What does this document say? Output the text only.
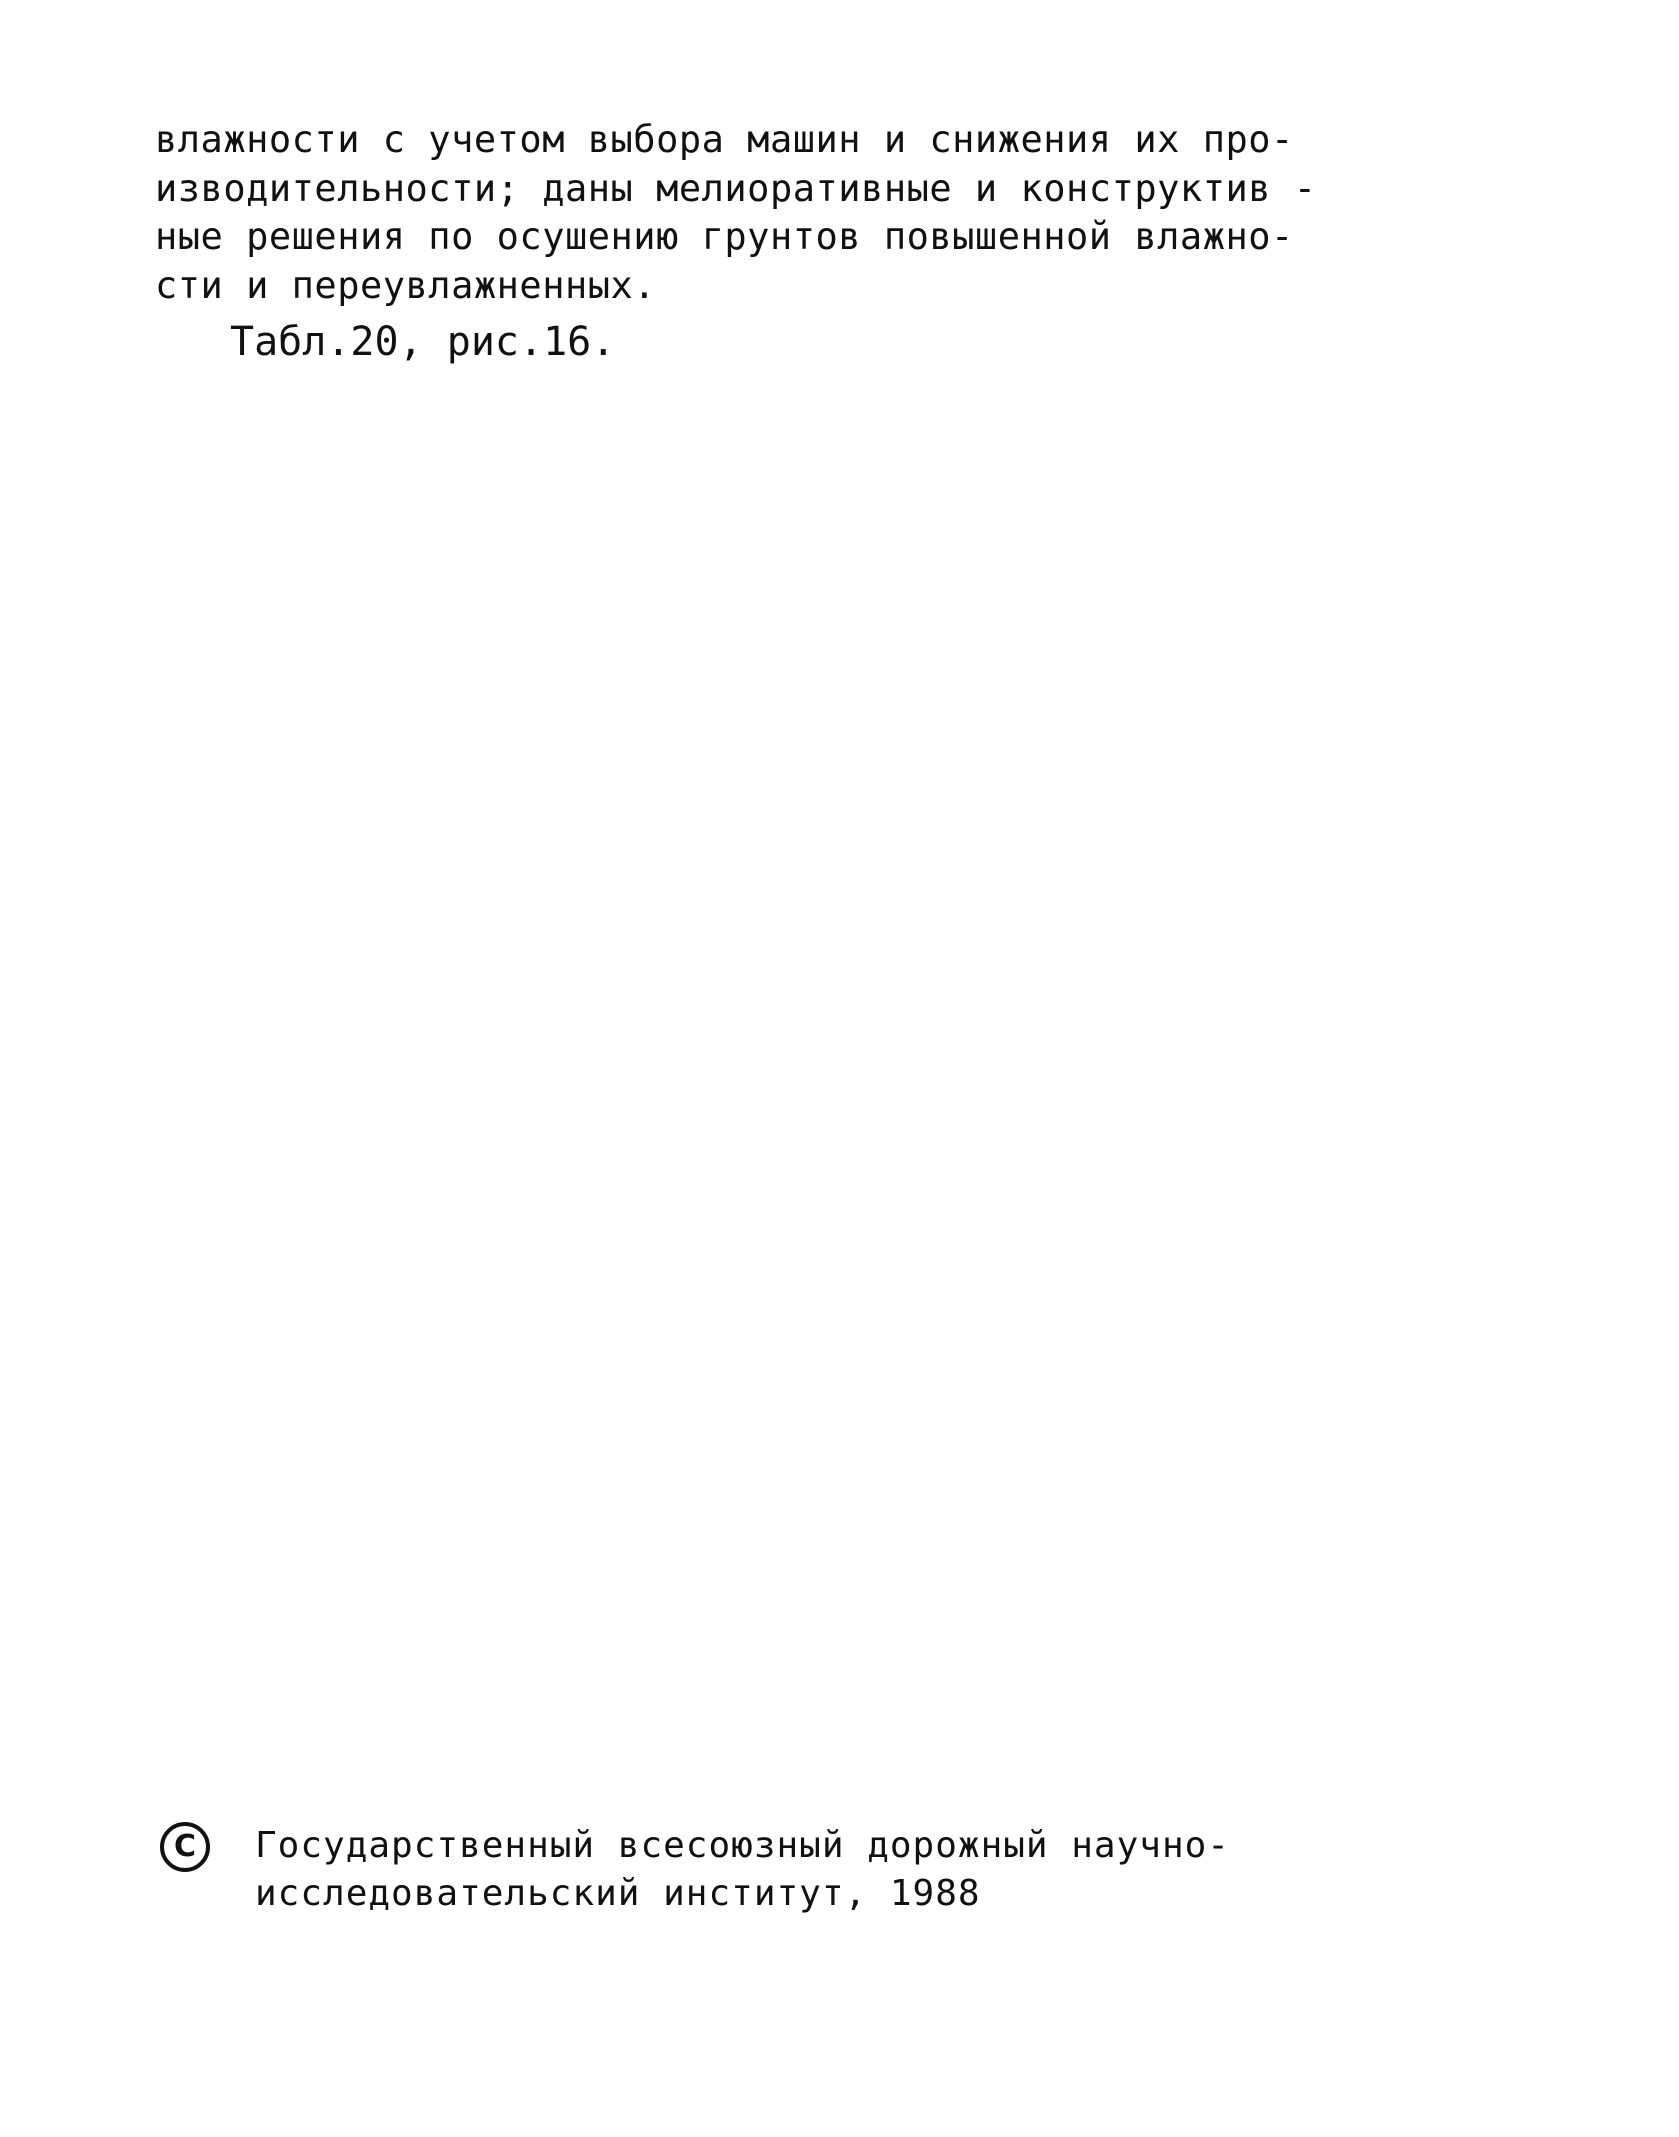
влажности с учетом выбора машин и снижения их про-
изводительности; даны мелиоративные и конструктив -
ные решения по осушению грунтов повышенной влажно-
сти и переувлажненных.
Табл.20, рис.16.
C	Государственный всесоюзный дорожный научно-
исследовательский институт, 1988
